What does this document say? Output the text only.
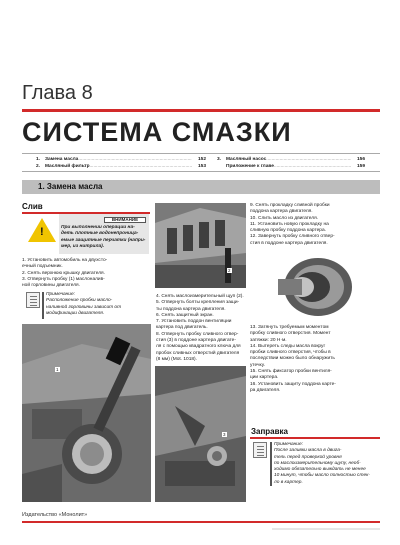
Глава 8
СИСТЕМА СМАЗКИ
1.	Замена масла .....	152
2.	Масляный фильтр .....	153
3.	Масляный насос .....	156
Приложение к главе .....	159
1. Замена масла
Слив
!
ВНИМАНИЕ
При выполнении операции на-
деть плотные водонепроница-
емые защитные перчатки (напри-
мер, из нитрила).

1. Установить автомобиль на двухсто-

ечный подъемник.

2. Снять верхнюю крышку двигателя.

3. Отвернуть пробку (1) маслоналив-

ной горловины двигателя.

Примечание:
Расположение пробки масло-
наливной горловины зависит от
модификации двигателя.
1
2

4. Снять маслоизмерительный щуп (2).

5. Отвернуть болты крепления защи-

ты поддона картера двигателя.

6. Снять защитный экран.

7. Установить поддон вентиляции

картера под двигатель.

8. Отвернуть пробку сливного отвер-

стия (3) в поддоне картера двигате-

ля с помощью квадратного ключа для

пробок сливных отверстий двигателя

(8 мм) (Mot. 1018).

3

9. Снять прокладку сливной пробки

поддона картера двигателя.

10. Слить масло из двигателя.

11. Установить новую прокладку на

сливную пробку поддона картера.

12. Завернуть пробку сливного отвер-

стия в поддоне картера двигателя.

13. Затянуть требуемым моментом

пробку сливного отверстия. Момент

затяжки: 20 Н·м.

14. Вытереть следы масла вокруг

пробки сливного отверстия, чтобы в

последствии можно было обнаружить

утечку.

15. Снять фиксатор пробки вентиля-

ции картера.

16. Установить защиту поддона карте-

ра двигателя.

Заправка
Примечание:
После заливки масла в двига-
тель перед проверкой уровня
по маслоизмерительному щупу, необ-
ходимо обязательно выждать не менее
10 минут, чтобы масло полностью стек-
ло в картер.
Издательство «Монолит»
